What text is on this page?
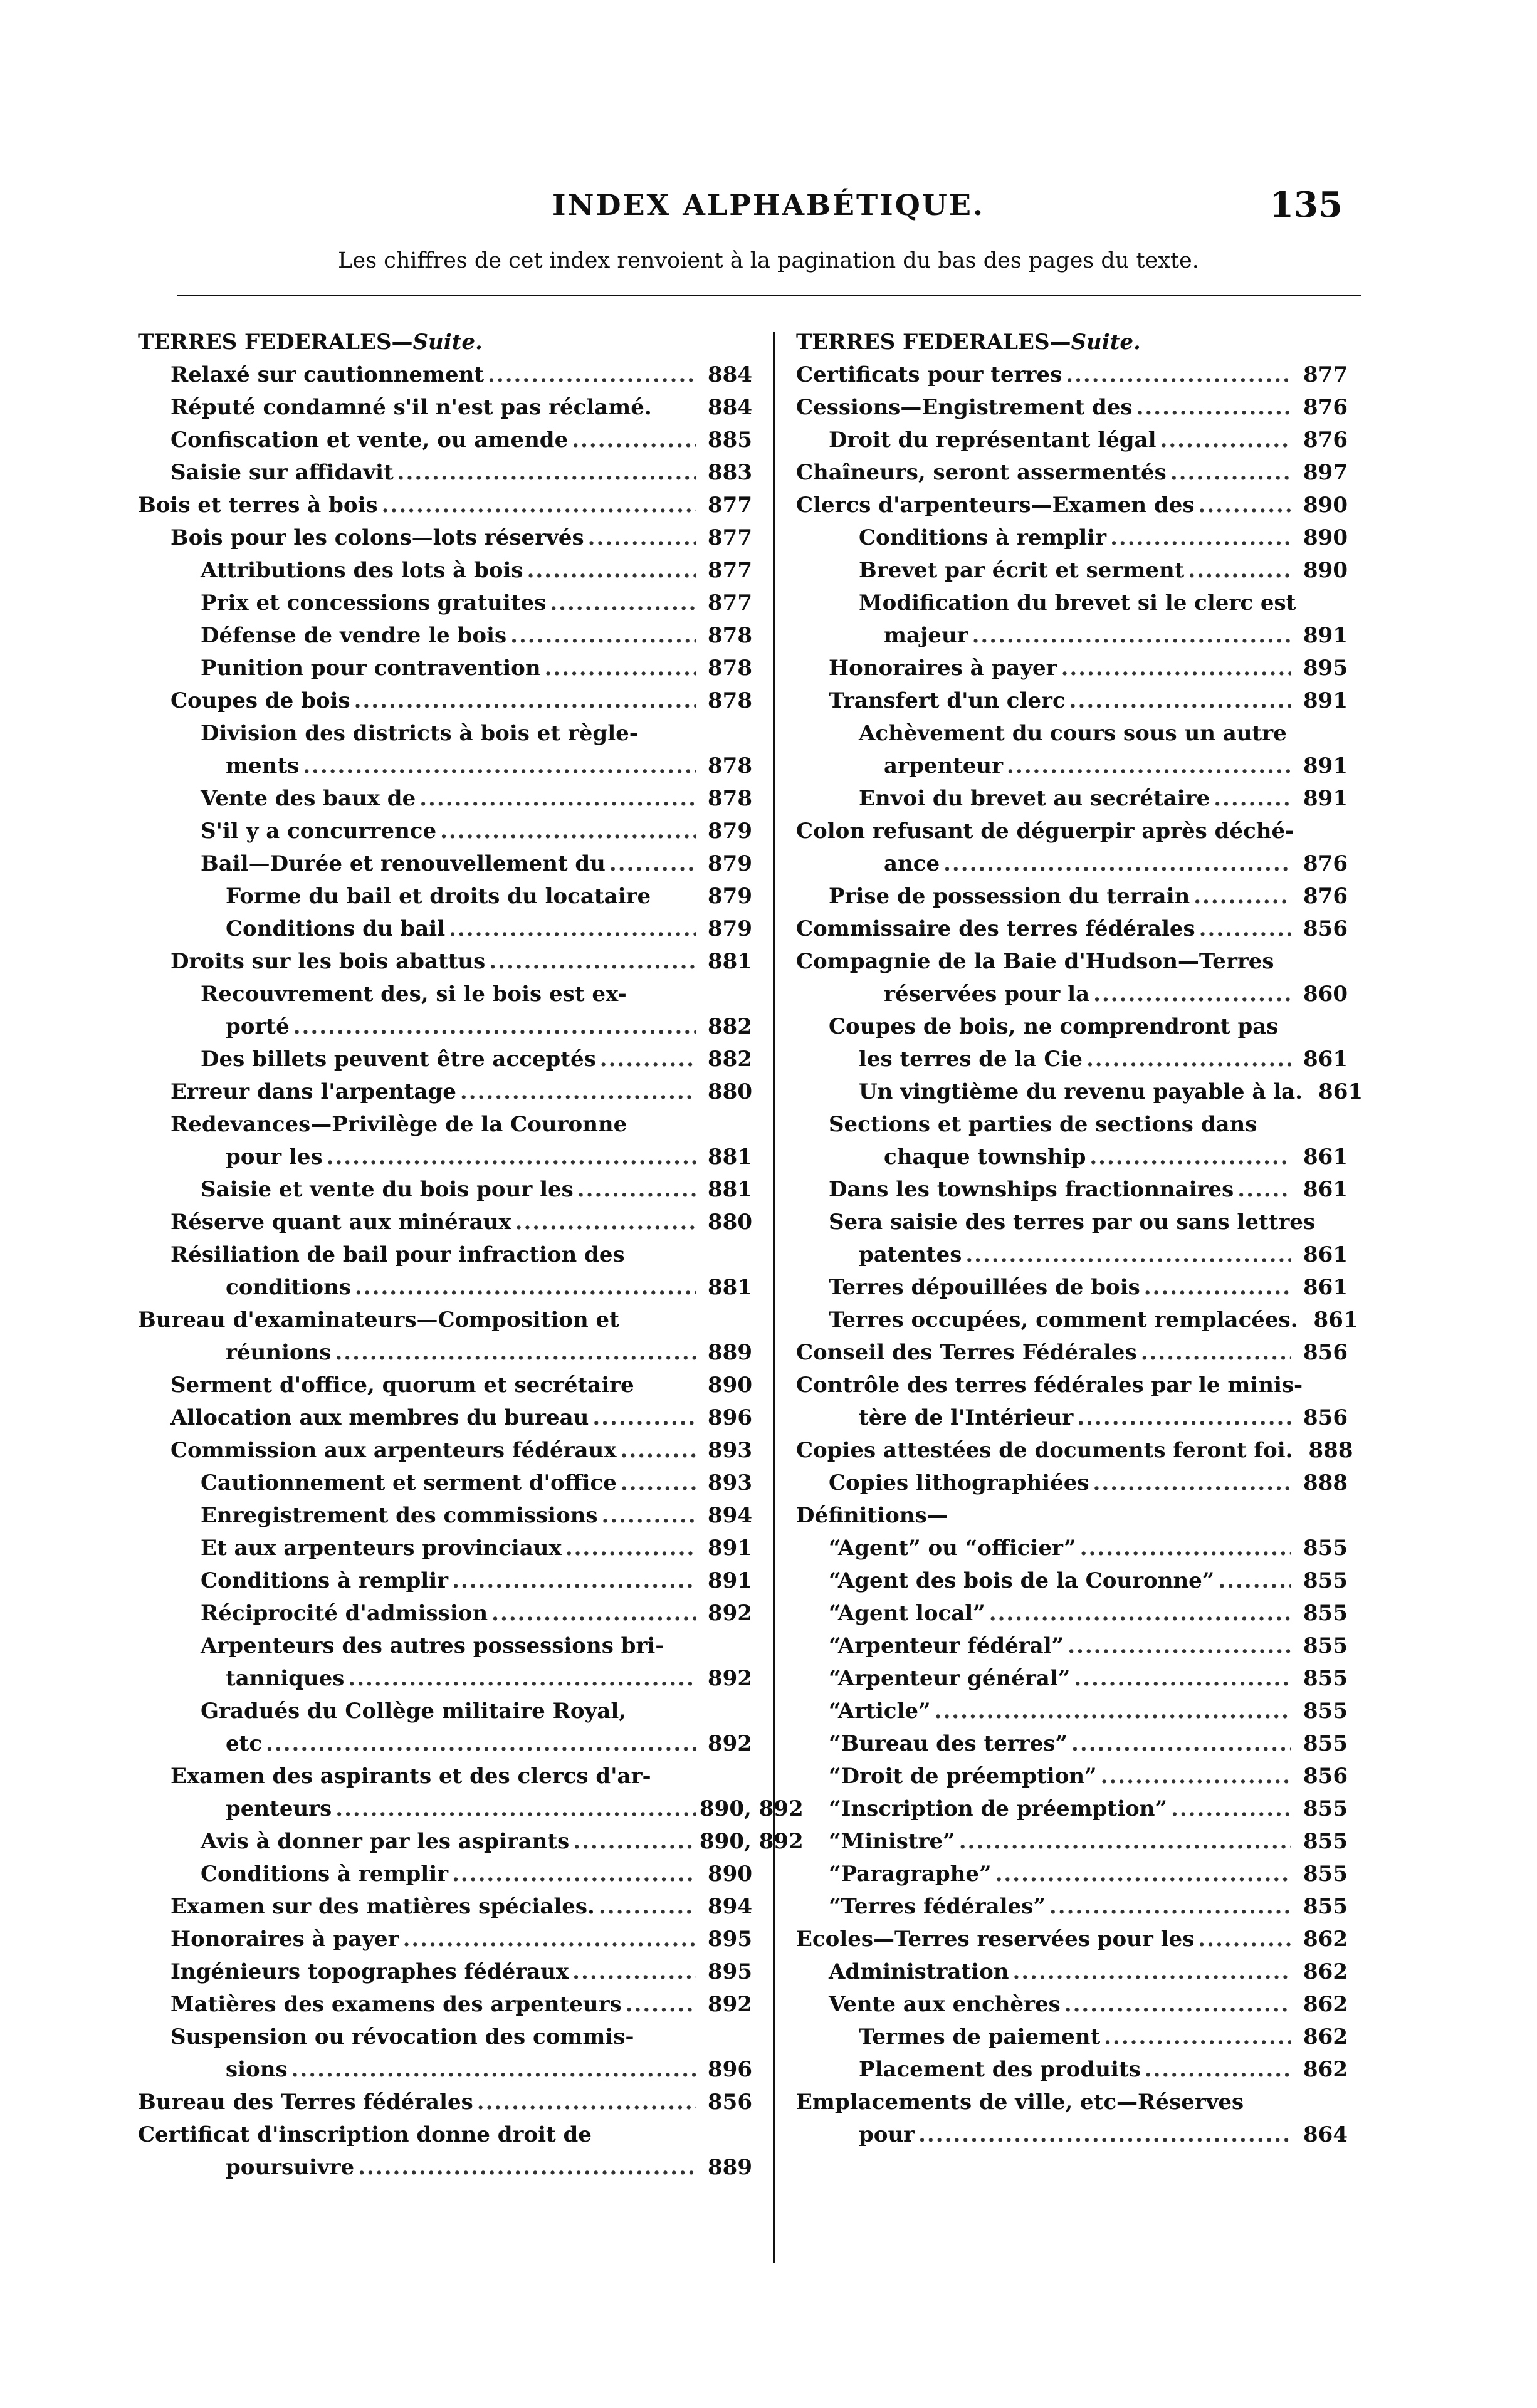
INDEX ALPHABÉTIQUE.	135
Les chiffres de cet index renvoient à la pagination du bas des pages du texte.
TERRES FEDERALES— Suite.
Relaxé sur cautionnement .....	884
Réputé condamné s'il n'est pas réclamé.	884
Confiscation et vente, ou amende .....	885
Saisie sur affidavit .....	883
Bois et terres à bois .....	877
Bois pour les colons—lots réservés .....	877
Attributions des lots à bois .....	877
Prix et concessions gratuites .....	877
Défense de vendre le bois .....	878
Punition pour contravention .....	878
Coupes de bois .....	878
Division des districts à bois et règle-
ments .....	878
Vente des baux de .....	878
S'il y a concurrence .....	879
Bail—Durée et renouvellement du .....	879
Forme du bail et droits du locataire	879
Conditions du bail .....	879
Droits sur les bois abattus .....	881
Recouvrement des, si le bois est ex-
porté .....	882
Des billets peuvent être acceptés .....	882
Erreur dans l'arpentage .....	880
Redevances—Privilège de la Couronne
pour les .....	881
Saisie et vente du bois pour les .....	881
Réserve quant aux minéraux .....	880
Résiliation de bail pour infraction des
conditions .....	881
Bureau d'examinateurs—Composition et
réunions .....	889
Serment d'office, quorum et secrétaire	890
Allocation aux membres du bureau .....	896
Commission aux arpenteurs fédéraux .....	893
Cautionnement et serment d'office .....	893
Enregistrement des commissions .....	894
Et aux arpenteurs provinciaux .....	891
Conditions à remplir .....	891
Réciprocité d'admission .....	892
Arpenteurs des autres possessions bri-
tanniques .....	892
Gradués du Collège militaire Royal,
etc .....	892
Examen des aspirants et des clercs d'ar-
penteurs .....	890, 892
Avis à donner par les aspirants .....	890, 892
Conditions à remplir .....	890
Examen sur des matières spéciales. .....	894
Honoraires à payer .....	895
Ingénieurs topographes fédéraux .....	895
Matières des examens des arpenteurs .....	892
Suspension ou révocation des commis-
sions .....	896
Bureau des Terres fédérales .....	856
Certificat d'inscription donne droit de
poursuivre .....	889
TERRES FEDERALES— Suite.
Certificats pour terres .....	877
Cessions—Engistrement des .....	876
Droit du représentant légal .....	876
Chaîneurs, seront assermentés .....	897
Clercs d'arpenteurs—Examen des .....	890
Conditions à remplir .....	890
Brevet par écrit et serment .....	890
Modification du brevet si le clerc est
majeur .....	891
Honoraires à payer .....	895
Transfert d'un clerc .....	891
Achèvement du cours sous un autre
arpenteur .....	891
Envoi du brevet au secrétaire .....	891
Colon refusant de déguerpir après déché-
ance .....	876
Prise de possession du terrain .....	876
Commissaire des terres fédérales .....	856
Compagnie de la Baie d'Hudson—Terres
réservées pour la .....	860
Coupes de bois, ne comprendront pas
les terres de la Cie .....	861
Un vingtième du revenu payable à la. 861
Sections et parties de sections dans
chaque township .....	861
Dans les townships fractionnaires .....	861
Sera saisie des terres par ou sans lettres
patentes .....	861
Terres dépouillées de bois .....	861
Terres occupées, comment remplacées. 861
Conseil des Terres Fédérales .....	856
Contrôle des terres fédérales par le minis-
tère de l'Intérieur .....	856
Copies attestées de documents feront foi. 888
Copies lithographiées .....	888
Définitions—
“Agent” ou “officier” .....	855
“Agent des bois de la Couronne” .....	855
“Agent local” .....	855
“Arpenteur fédéral” .....	855
“Arpenteur général” .....	855
“Article” .....	855
“Bureau des terres” .....	855
“Droit de préemption” .....	856
“Inscription de préemption” .....	855
“Ministre” .....	855
“Paragraphe” .....	855
“Terres fédérales” .....	855
Ecoles—Terres reservées pour les .....	862
Administration .....	862
Vente aux enchères .....	862
Termes de paiement .....	862
Placement des produits .....	862
Emplacements de ville, etc—Réserves
pour .....	864
